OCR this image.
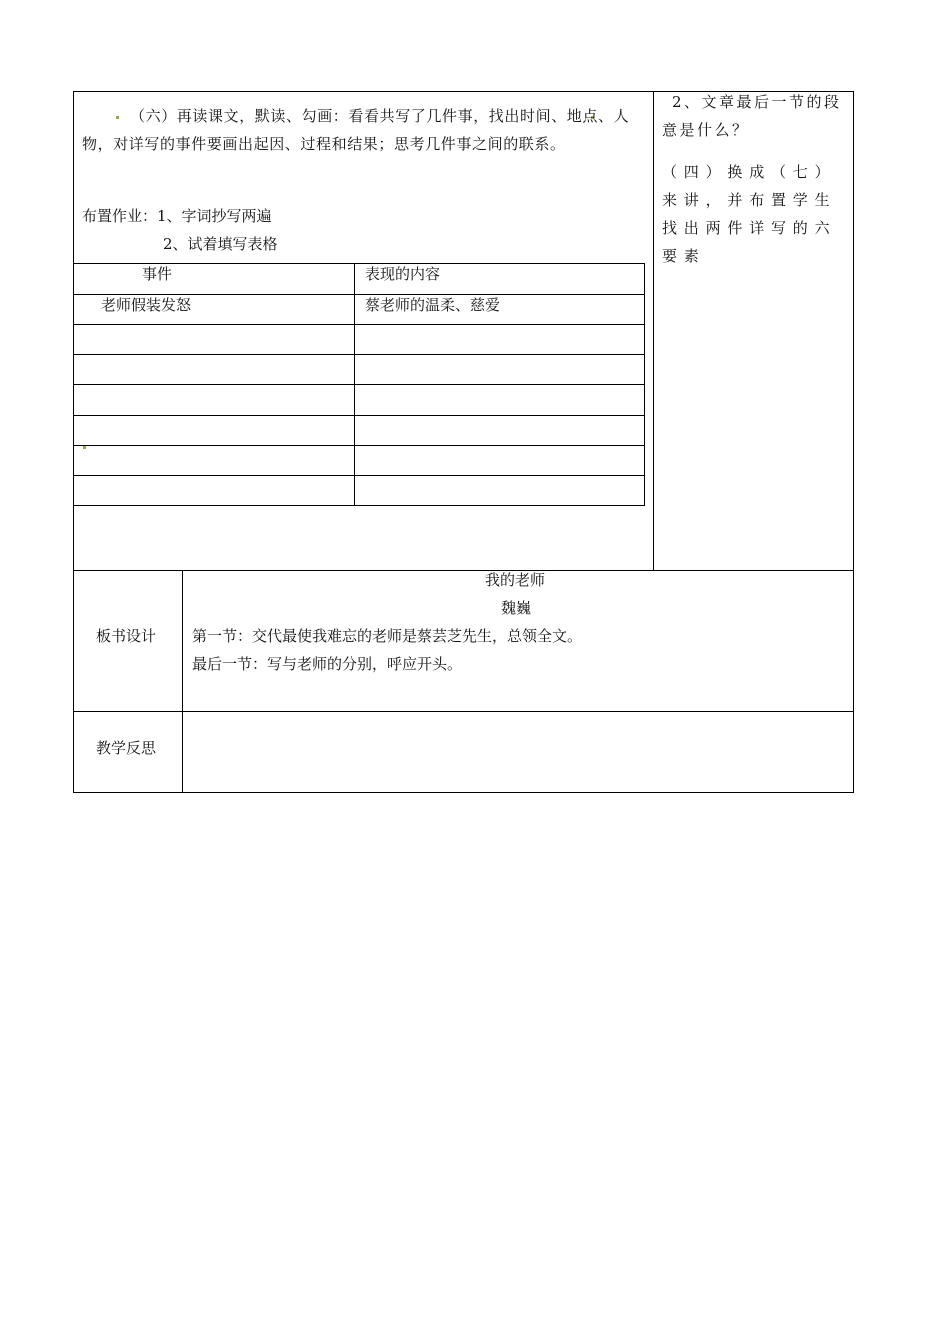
（六）再读课文，默读、勾画：看看共写了几件事，找出时间、地点、人物，对详写的事件要画出起因、过程和结果；思考几件事之间的联系。
布置作业：1、字词抄写两遍
2、试着填写表格
事件	表现的内容
老师假装发怒	蔡老师的温柔、慈爱
2、文章最后一节的段意是什么？
（四）换成（七）来讲，并布置学生找出两件详写的六要素
板书设计
我的老师
魏巍
第一节：交代最使我难忘的老师是蔡芸芝先生，总领全文。
最后一节：写与老师的分别，呼应开头。
教学反思
